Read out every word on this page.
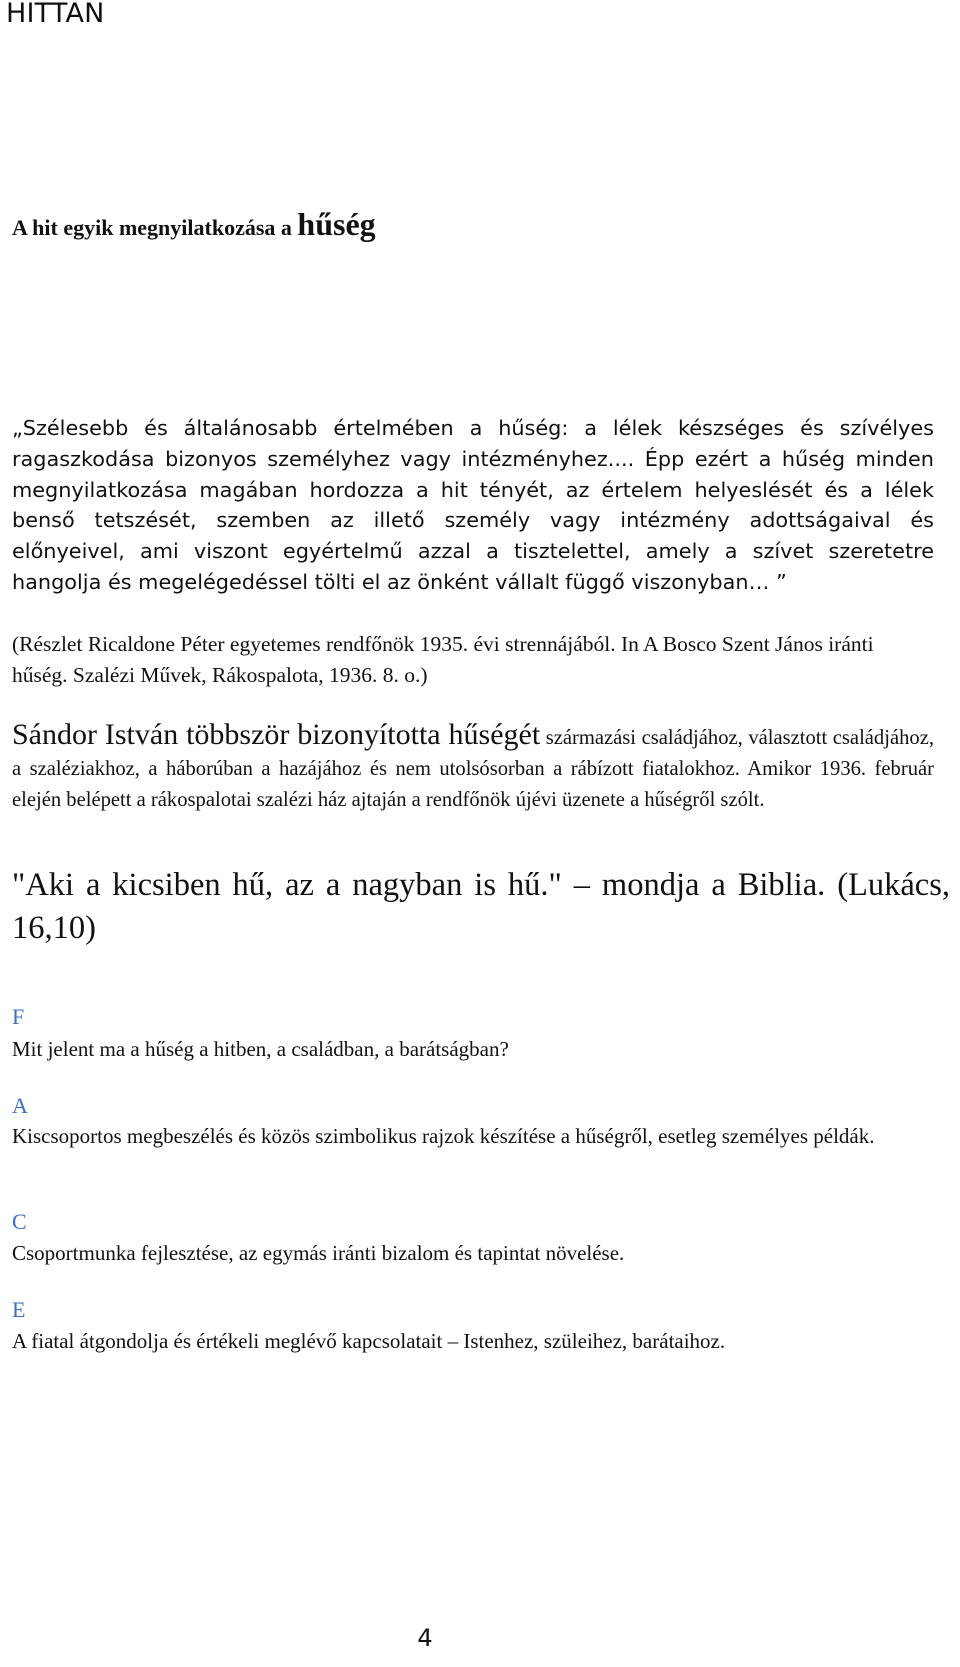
HITTAN
A hit egyik megnyilatkozása a hűség
„Szélesebb és általánosabb értelmében a hűség: a lélek készséges és szívélyes ragaszkodása bizonyos személyhez vagy intézményhez.... Épp ezért a hűség minden megnyilatkozása magában hordozza a hit tényét, az értelem helyeslését és a lélek benső tetszését, szemben az illető személy vagy intézmény adottságaival és előnyeivel, ami viszont egyértelmű azzal a tisztelettel, amely a szívet szeretetre hangolja és megelégedéssel tölti el az önként vállalt függő viszonyban… ”
(Részlet Ricaldone Péter egyetemes rendfőnök 1935. évi strennájából. In A Bosco Szent János iránti hűség. Szalézi Művek, Rákospalota, 1936. 8. o.)
Sándor István többször bizonyította hűségét származási családjához, választott családjához, a szaléziakhoz, a háborúban a hazájához és nem utolsósorban a rábízott fiatalokhoz. Amikor 1936. február elején belépett a rákospalotai szalézi ház ajtaján a rendfőnök újévi üzenete a hűségről szólt.
"Aki a kicsiben hű, az a nagyban is hű." – mondja a Biblia. (Lukács, 16,10)
F
Mit jelent ma a hűség a hitben, a családban, a barátságban?
A
Kiscsoportos megbeszélés és közös szimbolikus rajzok készítése a hűségről, esetleg személyes példák.
C
Csoportmunka fejlesztése, az egymás iránti bizalom és tapintat növelése.
E
A fiatal átgondolja és értékeli meglévő kapcsolatait – Istenhez, szüleihez, barátaihoz.
4
